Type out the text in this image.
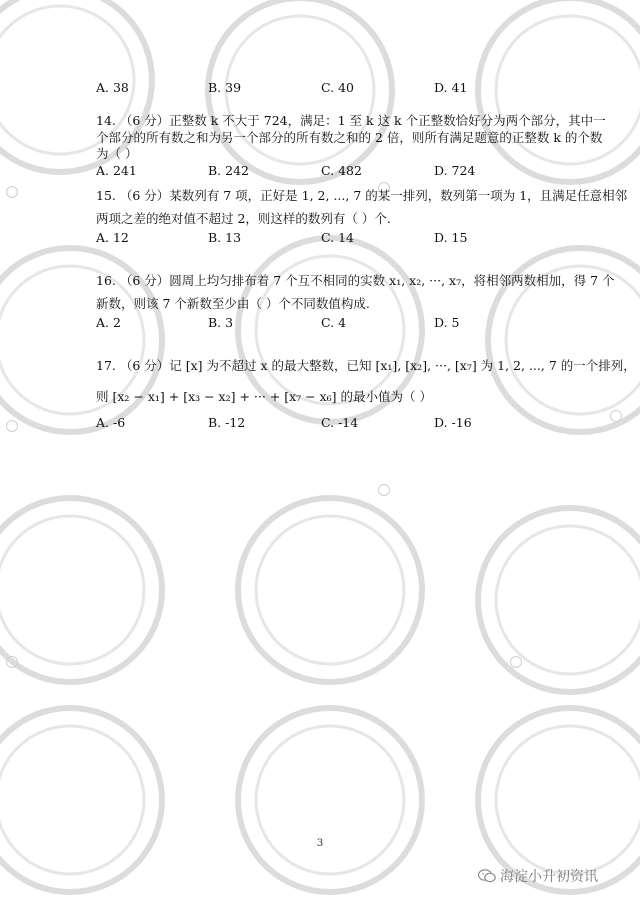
A. 38	B. 39	C. 40	D. 41
14. （6 分）正整数 k 不大于 724，满足：1 至 k 这 k 个正整数恰好分为两个部分，其中一
个部分的所有数之和为另一个部分的所有数之和的 2 倍，则所有满足题意的正整数 k 的个数
为（ ）
A. 241	B. 242	C. 482	D. 724
15. （6 分）某数列有 7 项，正好是 1, 2, ..., 7 的某一排列，数列第一项为 1，且满足任意相邻
两项之差的绝对值不超过 2，则这样的数列有（ ）个.
A. 12	B. 13	C. 14	D. 15
16. （6 分）圆周上均匀排布着 7 个互不相同的实数 x₁, x₂, ···, x₇，将相邻两数相加，得 7 个
新数，则该 7 个新数至少由（ ）个不同数值构成.
A. 2	B. 3	C. 4	D. 5
17. （6 分）记 [x] 为不超过 x 的最大整数，已知 [x₁], [x₂], ···, [x₇] 为 1, 2, ..., 7 的一个排列，
则 [x₂ − x₁] + [x₃ − x₂] + ··· + [x₇ − x₆] 的最小值为（ ）
A. -6	B. -12	C. -14	D. -16
3
海淀小升初资讯
